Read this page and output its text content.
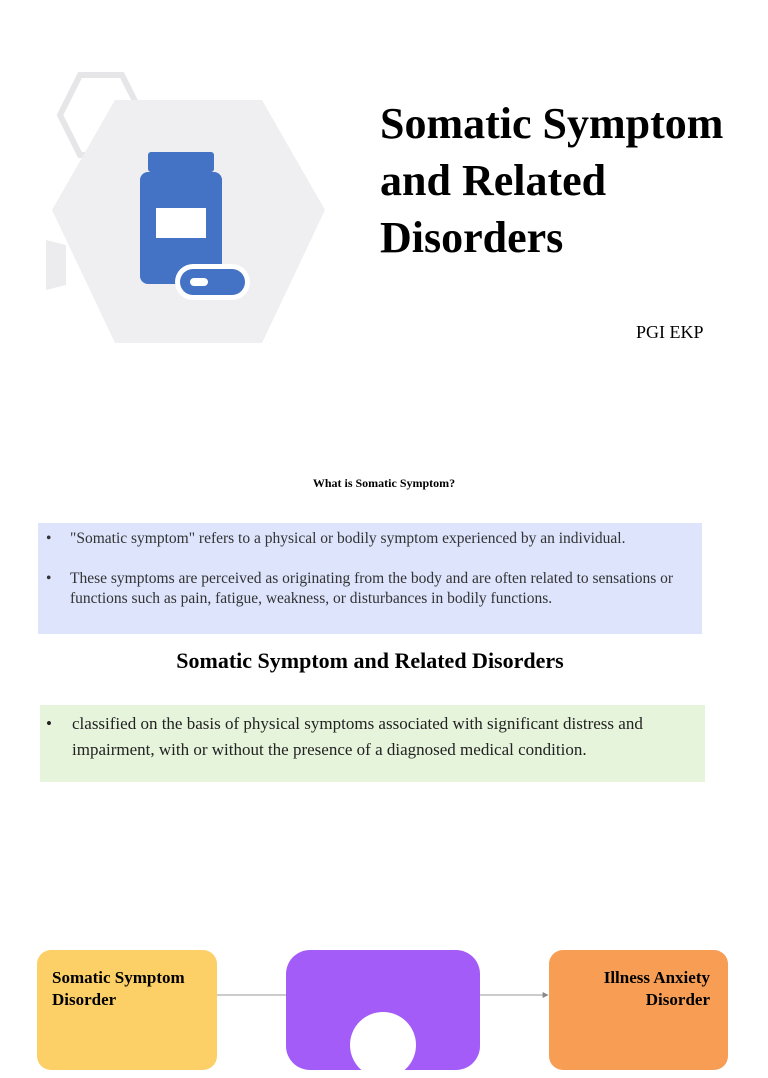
Somatic Symptom and Related Disorders
PGI EKP
What is Somatic Symptom?
• "Somatic symptom" refers to a physical or bodily symptom experienced by an individual.
• These symptoms are perceived as originating from the body and are often related to sensations or functions such as pain, fatigue, weakness, or disturbances in bodily functions.
Somatic Symptom and Related Disorders

• classified on the basis of physical symptoms associated with significant distress and impairment, with or without the presence of a diagnosed medical condition.

Somatic Symptom Disorder
Illness Anxiety Disorder
